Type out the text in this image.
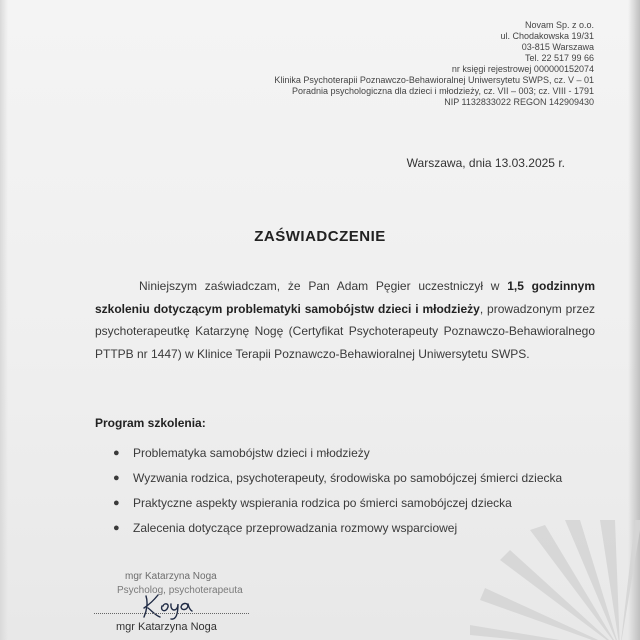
Novam Sp. z o.o.
ul. Chodakowska 19/31
03-815 Warszawa
Tel. 22 517 99 66
nr księgi rejestrowej 000000152074
Klinika Psychoterapii Poznawczo-Behawioralnej Uniwersytetu SWPS, cz. V – 01
Poradnia psychologiczna dla dzieci i młodzieży, cz. VII – 003; cz. VIII - 1791
NIP 1132833022 REGON 142909430
Warszawa, dnia 13.03.2025 r.
ZAŚWIADCZENIE
Niniejszym zaświadczam, że Pan Adam Pęgier uczestniczył w 1,5 godzinnym szkoleniu dotyczącym problematyki samobójstw dzieci i młodzieży, prowadzonym przez psychoterapeutkę Katarzynę Nogę (Certyfikat Psychoterapeuty Poznawczo-Behawioralnego PTTPB nr 1447) w Klinice Terapii Poznawczo-Behawioralnej Uniwersytetu SWPS.
Program szkolenia:
● Problematyka samobójstw dzieci i młodzieży
● Wyzwania rodzica, psychoterapeuty, środowiska po samobójczej śmierci dziecka
● Praktyczne aspekty wspierania rodzica po śmierci samobójczej dziecka
● Zalecenia dotyczące przeprowadzania rozmowy wsparciowej
mgr Katarzyna Noga
Psycholog, psychoterapeuta
mgr Katarzyna Noga
